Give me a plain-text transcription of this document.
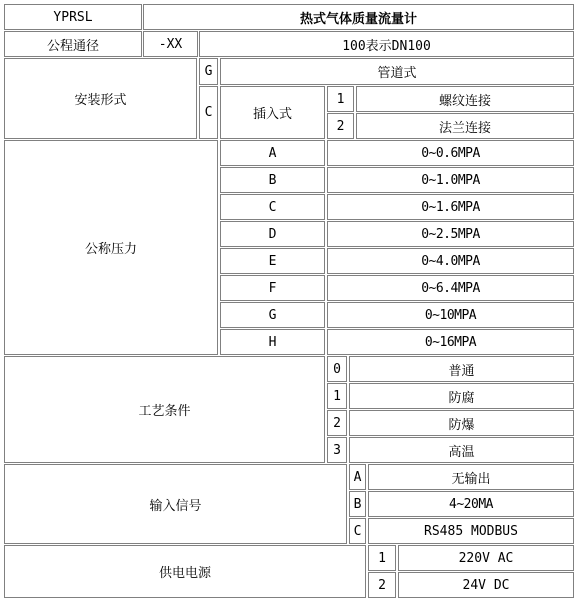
YPRSL	热式气体质量流量计
公程通径	-XX	100表示DN100
安装形式
G	管道式
C	插入式
1	螺纹连接
2	法兰连接
公称压力
A	0~0.6MPA
B	0~1.0MPA
C	0~1.6MPA
D	0~2.5MPA
E	0~4.0MPA
F	0~6.4MPA
G	0~10MPA
H	0~16MPA
工艺条件
0	普通
1	防腐
2	防爆
3	高温
输入信号
A	无输出
B	4~20MA
C	RS485 MODBUS
供电电源
1	220V AC
2	24V DC
